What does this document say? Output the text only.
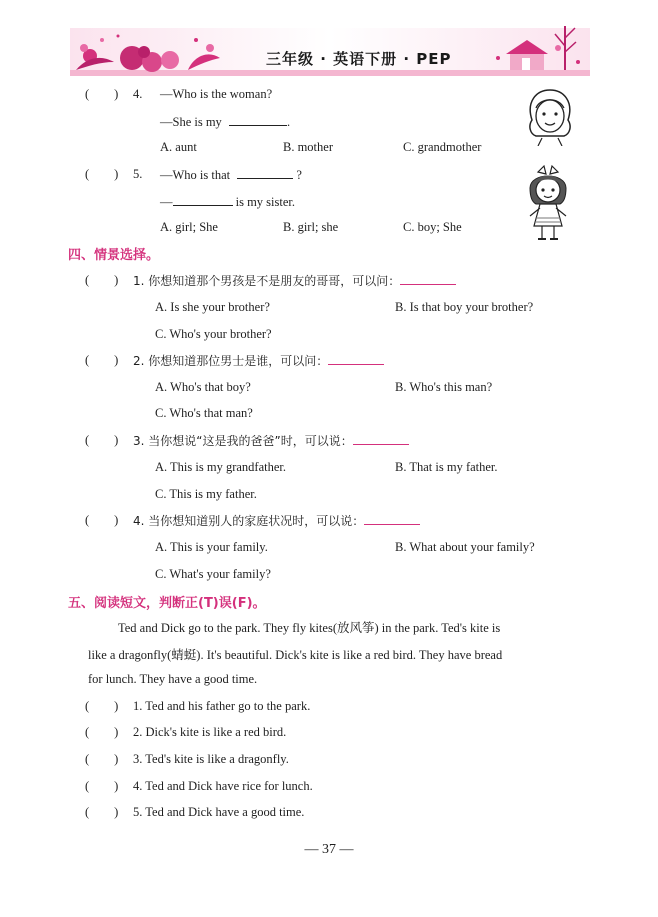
三年级 · 英语下册 · PEP
(　　) 4. —Who is the woman?
—She is my	.
A. aunt	B. mother	C. grandmother
(　　) 5. —Who is that	?
—	is my sister.
A. girl; She	B. girl; she	C. boy; She
四、情景选择。
(　　) 1. 你想知道那个男孩是不是朋友的哥哥，可以问：
A. Is she your brother?	B. Is that boy your brother?
C. Who's your brother?
(　　) 2. 你想知道那位男士是谁，可以问：
A. Who's that boy?	B. Who's this man?
C. Who's that man?
(　　) 3. 当你想说“这是我的爸爸”时，可以说：
A. This is my grandfather.	B. That is my father.
C. This is my father.
(　　) 4. 当你想知道别人的家庭状况时，可以说：
A. This is your family.	B. What about your family?
C. What's your family?
五、阅读短文，判断正(T)误(F)。
Ted and Dick go to the park. They fly kites(放风筝) in the park. Ted's kite is
like a dragonfly(蜻蜓). It's beautiful. Dick's kite is like a red bird. They have bread
for lunch. They have a good time.
(　　) 1. Ted and his father go to the park.
(　　) 2. Dick's kite is like a red bird.
(　　) 3. Ted's kite is like a dragonfly.
(　　) 4. Ted and Dick have rice for lunch.
(　　) 5. Ted and Dick have a good time.
— 37 —
